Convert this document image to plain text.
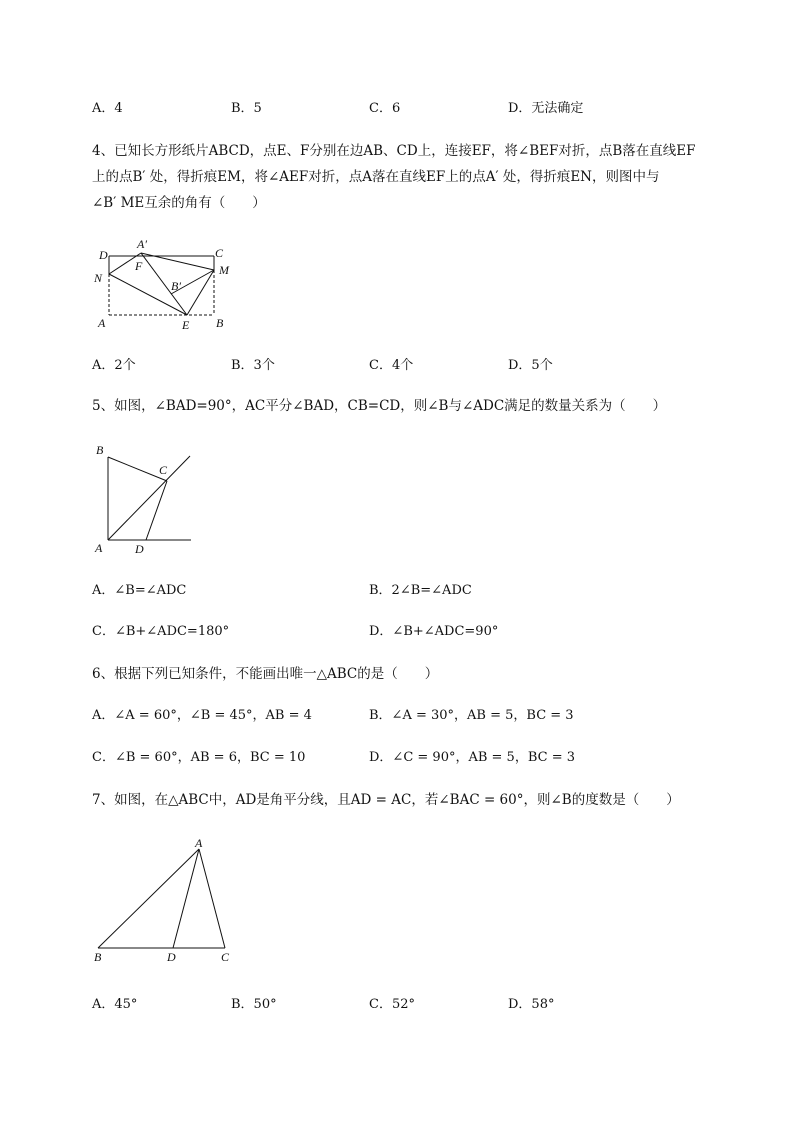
A．4	B．5	C．6	D．无法确定
4、已知长方形纸片ABCD，点E、F分别在边AB、CD上，连接EF，将∠BEF对折，点B落在直线EF
上的点B′ 处，得折痕EM，将∠AEF对折，点A落在直线EF上的点A′ 处，得折痕EN，则图中与
∠B′ ME互余的角有（　　）
D
A′
C
F	M
N
B′
A	E B
A．2个	B．3个	C．4个	D．5个
5、如图，∠BAD=90°，AC平分∠BAD，CB=CD，则∠B与∠ADC满足的数量关系为（　　）
B
C
A	D
A．∠B=∠ADC	B．2∠B=∠ADC
C．∠B+∠ADC=180°	D．∠B+∠ADC=90°
6、根据下列已知条件，不能画出唯一△ABC的是（　　）
A．∠A = 60°，∠B = 45°，AB = 4	B．∠A = 30°，AB = 5，BC = 3
C．∠B = 60°，AB = 6，BC = 10	D．∠C = 90°，AB = 5，BC = 3
7、如图，在△ABC中，AD是角平分线，且AD = AC，若∠BAC = 60°，则∠B的度数是（　　）
A
B	D	C
A．45°	B．50°	C．52°	D．58°
